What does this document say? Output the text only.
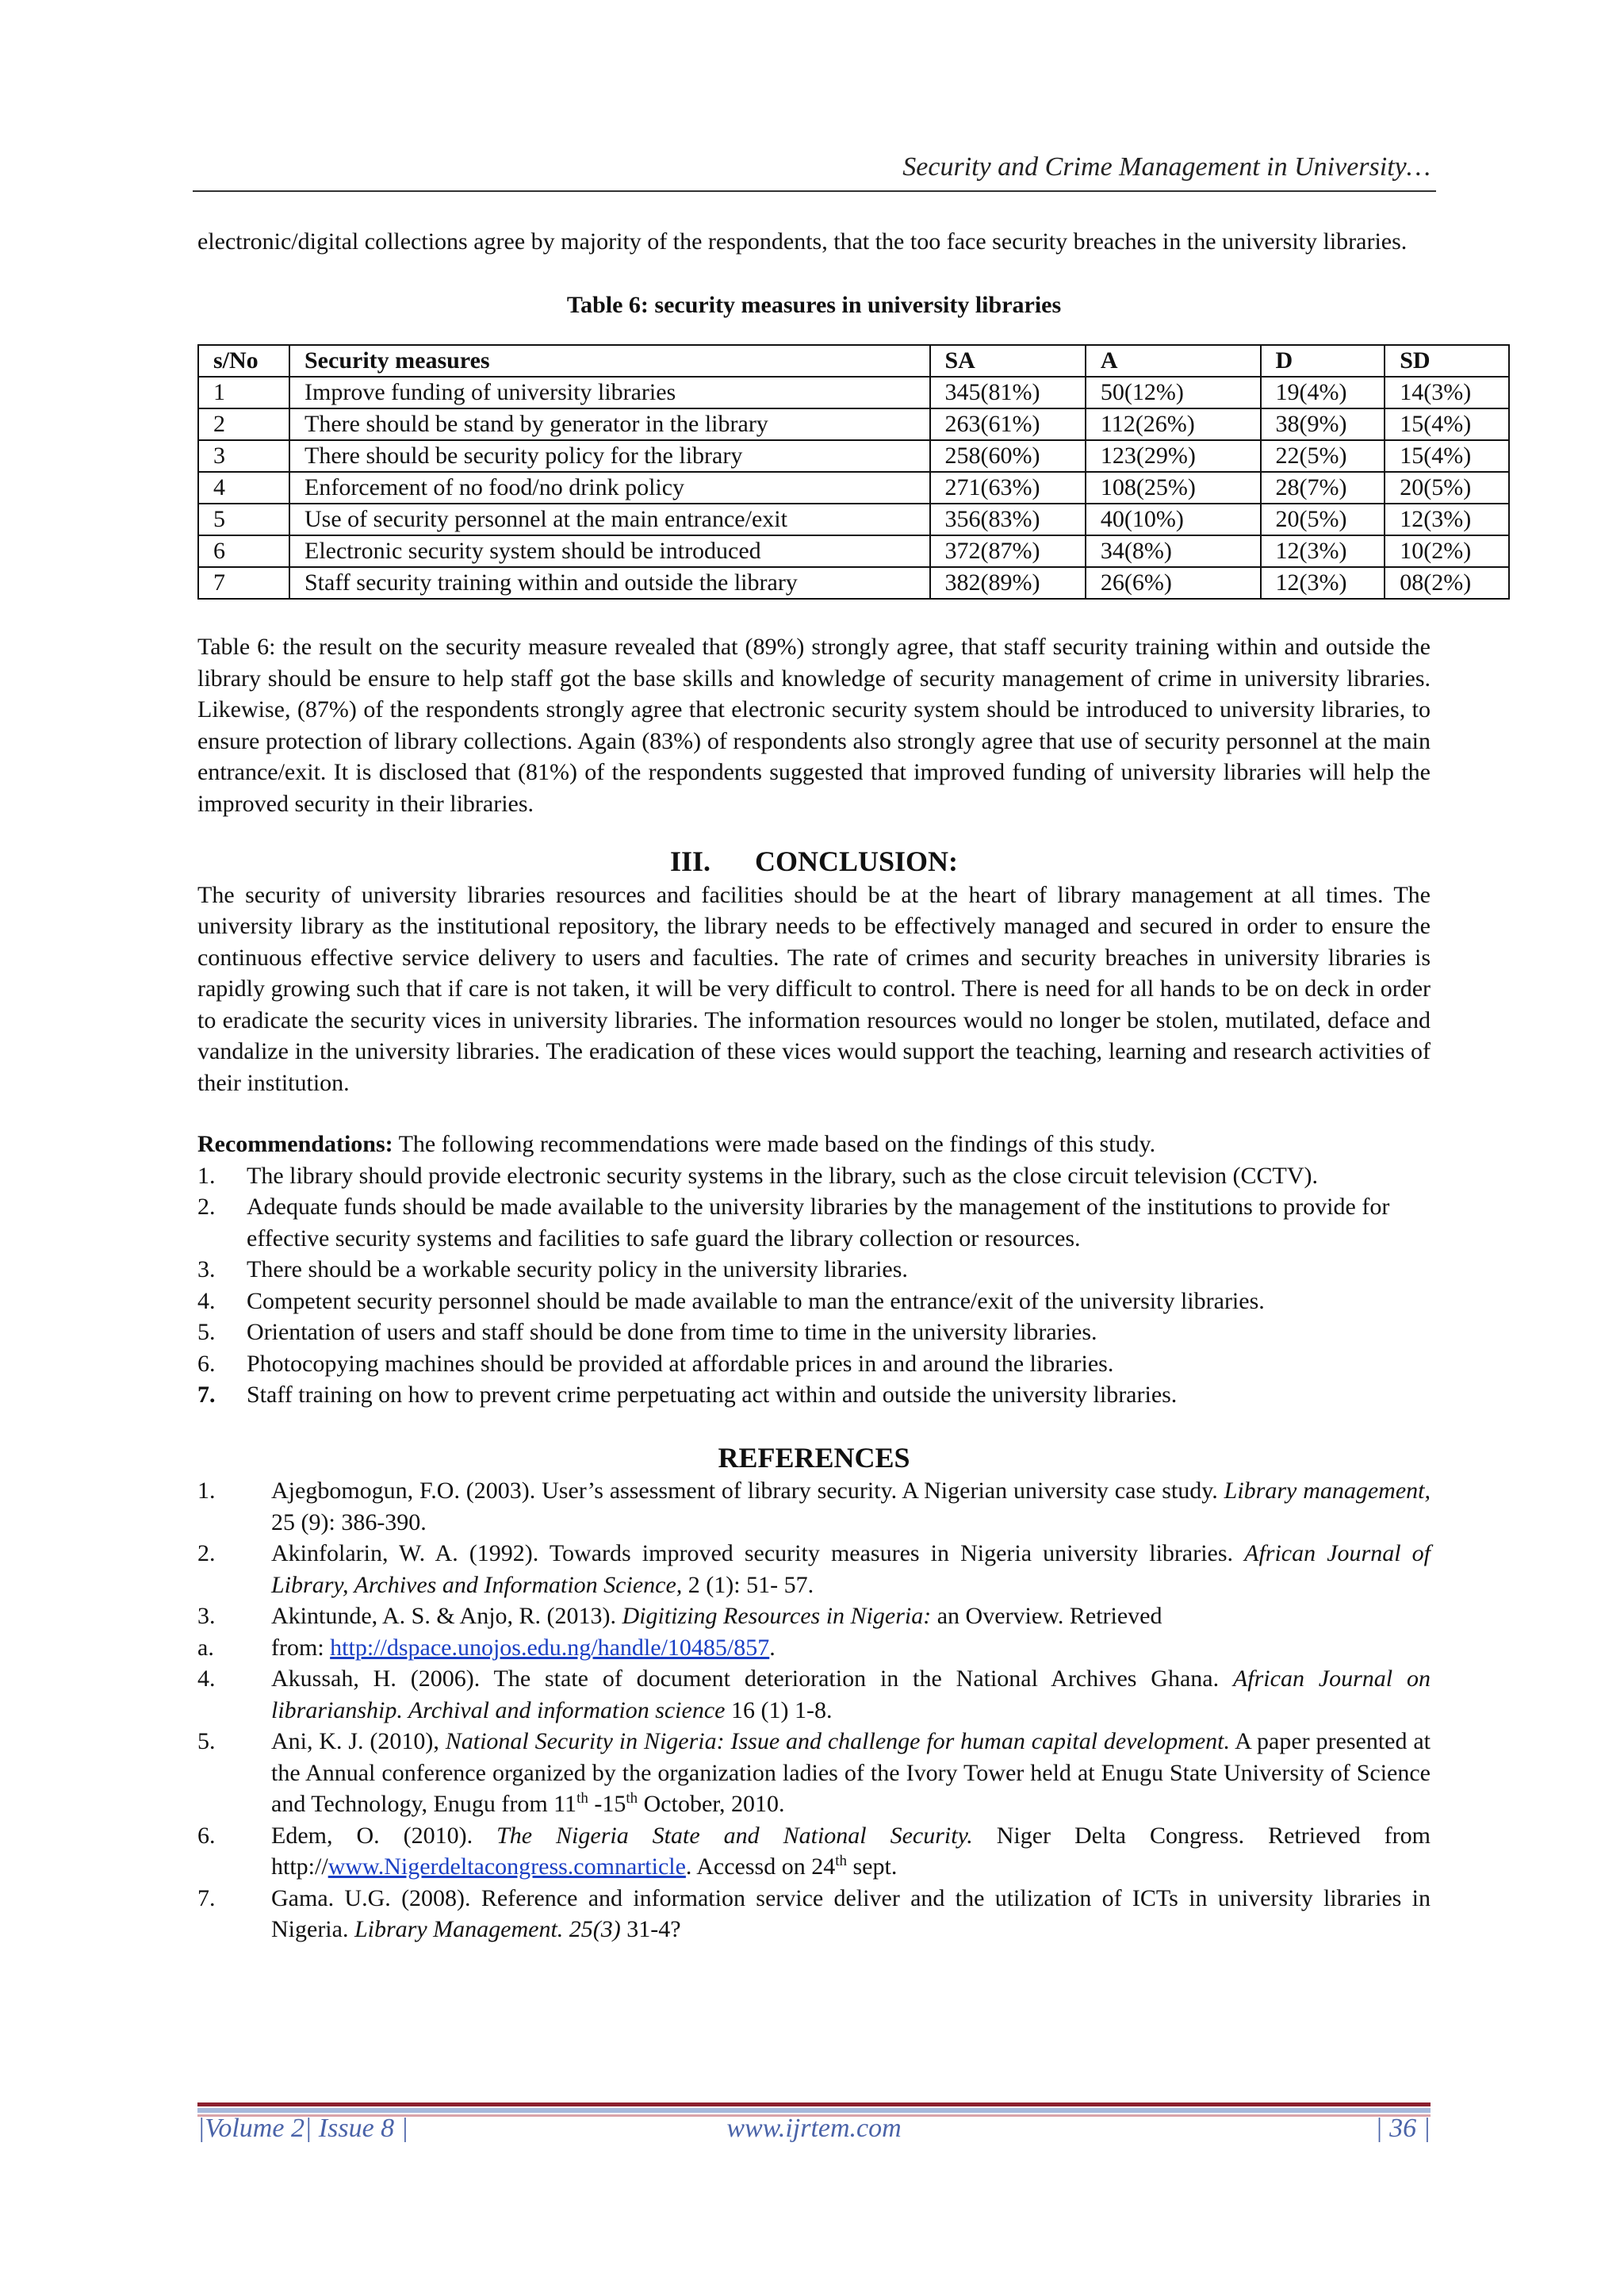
Security and Crime Management in University…

electronic/digital collections agree by majority of the respondents, that the too face security breaches in the university libraries.

Table 6: security measures in university libraries

s/No	Security measures	SA	A	D	SD
1	Improve funding of university libraries	345(81%)	50(12%)	19(4%)	14(3%)
2	There should be stand by generator in the library	263(61%)	112(26%)	38(9%)	15(4%)
3	There should be security policy for the library	258(60%)	123(29%)	22(5%)	15(4%)
4	Enforcement of no food/no drink policy	271(63%)	108(25%)	28(7%)	20(5%)
5	Use of security personnel at the main entrance/exit	356(83%)	40(10%)	20(5%)	12(3%)
6	Electronic security system should be introduced	372(87%)	34(8%)	12(3%)	10(2%)
7	Staff security training within and outside the library	382(89%)	26(6%)	12(3%)	08(2%)

Table 6: the result on the security measure revealed that (89%) strongly agree, that staff security training within and outside the library should be ensure to help staff got the base skills and knowledge of security management of crime in university libraries. Likewise, (87%) of the respondents strongly agree that electronic security system should be introduced to university libraries, to ensure protection of library collections. Again (83%) of respondents also strongly agree that use of security personnel at the main entrance/exit. It is disclosed that (81%) of the respondents suggested that improved funding of university libraries will help the improved security in their libraries.

III. CONCLUSION:

The security of university libraries resources and facilities should be at the heart of library management at all times. The university library as the institutional repository, the library needs to be effectively managed and secured in order to ensure the continuous effective service delivery to users and faculties. The rate of crimes and security breaches in university libraries is rapidly growing such that if care is not taken, it will be very difficult to control. There is need for all hands to be on deck in order to eradicate the security vices in university libraries. The information resources would no longer be stolen, mutilated, deface and vandalize in the university libraries. The eradication of these vices would support the teaching, learning and research activities of their institution.

Recommendations: The following recommendations were made based on the findings of this study.

1.	The library should provide electronic security systems in the library, such as the close circuit television (CCTV).
2.	Adequate funds should be made available to the university libraries by the management of the institutions to provide for effective security systems and facilities to safe guard the library collection or resources.
3.	There should be a workable security policy in the university libraries.
4.	Competent security personnel should be made available to man the entrance/exit of the university libraries.
5.	Orientation of users and staff should be done from time to time in the university libraries.
6.	Photocopying machines should be provided at affordable prices in and around the libraries.
7.	Staff training on how to prevent crime perpetuating act within and outside the university libraries.
REFERENCES
1.	Ajegbomogun, F.O. (2003). User’s assessment of library security. A Nigerian university case study. Library management, 25 (9): 386-390.
2.	Akinfolarin, W. A. (1992). Towards improved security measures in Nigeria university libraries. African Journal of Library, Archives and Information Science, 2 (1): 51- 57.
3.	Akintunde, A. S. & Anjo, R. (2013). Digitizing Resources in Nigeria: an Overview. Retrieved
a.	from: http://dspace.unojos.edu.ng/handle/10485/857.
4.	Akussah, H. (2006). The state of document deterioration in the National Archives Ghana. African Journal on librarianship. Archival and information science 16 (1) 1-8.
5.	Ani, K. J. (2010), National Security in Nigeria: Issue and challenge for human capital development. A paper presented at the Annual conference organized by the organization ladies of the Ivory Tower held at Enugu State University of Science and Technology, Enugu from 11th -15th October, 2010.
6.	Edem, O. (2010). The Nigeria State and National Security. Niger Delta Congress. Retrieved from http://www.Nigerdeltacongress.comnarticle. Accessd on 24th sept.
7.	Gama. U.G. (2008). Reference and information service deliver and the utilization of ICTs in university libraries in Nigeria. Library Management. 25(3) 31-4?
|Volume 2| Issue 8 |	www.ijrtem.com	| 36 |
